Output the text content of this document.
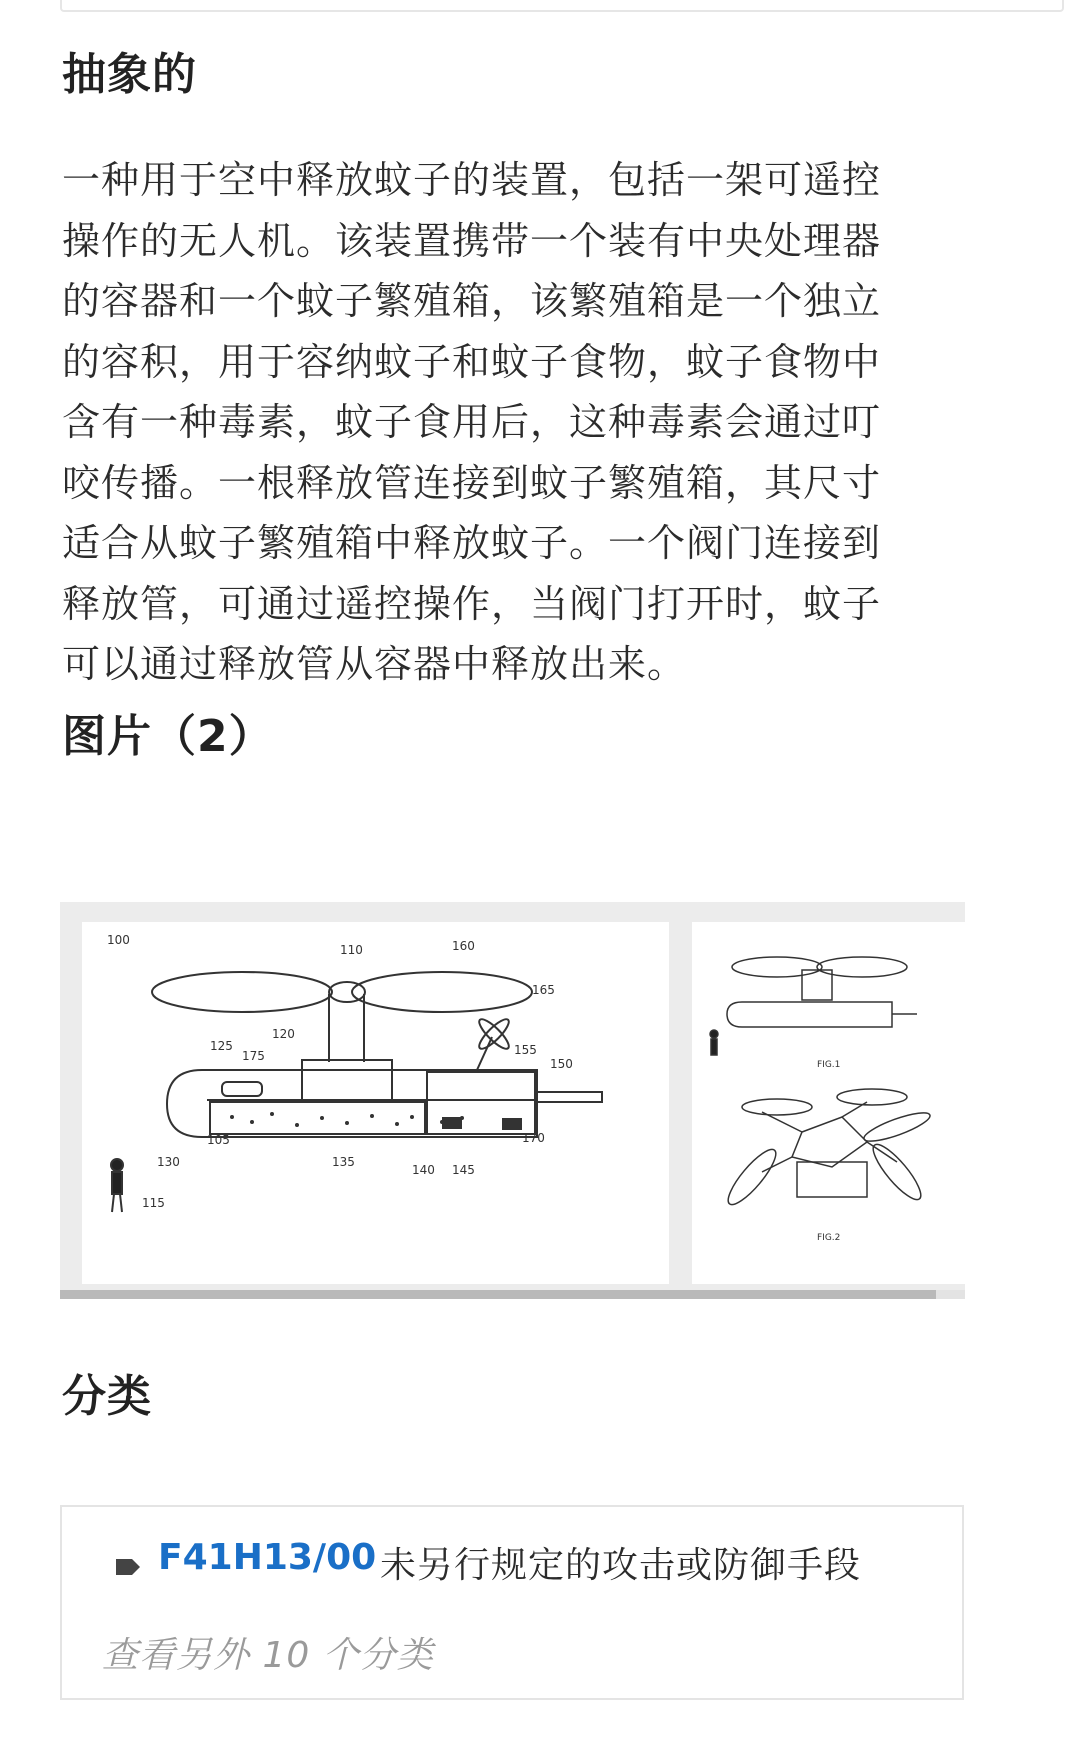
抽象的

一种用于空中释放蚊子的装置，包括一架可遥控操作的无人机。该装置携带一个装有中央处理器的容器和一个蚊子繁殖箱，该繁殖箱是一个独立的容积，用于容纳蚊子和蚊子食物，蚊子食物中含有一种毒素，蚊子食用后，这种毒素会通过叮咬传播。一根释放管连接到蚊子繁殖箱，其尺寸适合从蚊子繁殖箱中释放蚊子。一个阀门连接到释放管，可通过遥控操作，当阀门打开时，蚊子可以通过释放管从容器中释放出来。

图片（2）
100
110	160
165
120
125
175	155
150
105
130	135
140 145
170
115
FIG.1
FIG.2
分类
F41H13/00 未另行规定的攻击或防御手段
查看另外 10 个分类
